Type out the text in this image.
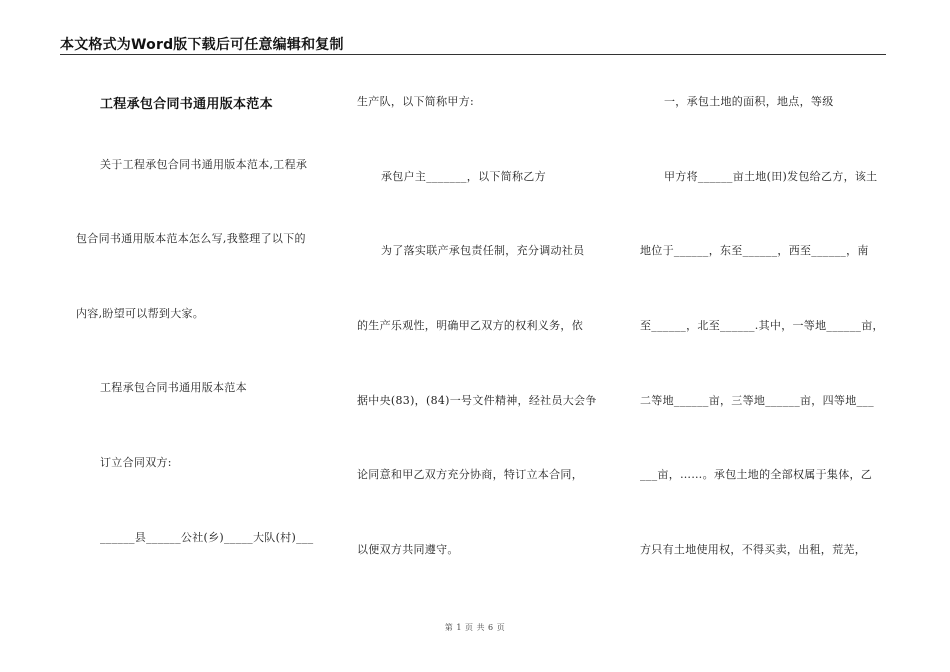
本文格式为Word版下载后可任意编辑和复制
工程承包合同书通用版本范本
关于工程承包合同书通用版本范本,工程承
包合同书通用版本范本怎么写,我整理了以下的
内容,盼望可以帮到大家。
工程承包合同书通用版本范本
订立合同双方:
______县______公社(乡)_____大队(村)___
生产队，以下简称甲方:
承包户主_______，以下简称乙方
为了落实联产承包责任制，充分调动社员
的生产乐观性，明确甲乙双方的权利义务，依
据中央(83)，(84)一号文件精神，经社员大会争
论同意和甲乙双方充分协商，特订立本合同，
以便双方共同遵守。
一，承包土地的面积，地点，等级
甲方将______亩土地(田)发包给乙方，该土
地位于______，东至______，西至______，南
至______，北至______.其中，一等地______亩，
二等地______亩，三等地______亩，四等地___
___亩，……。承包土地的全部权属于集体，乙
方只有土地使用权，不得买卖，出租，荒芜，
第 1 页 共 6 页
